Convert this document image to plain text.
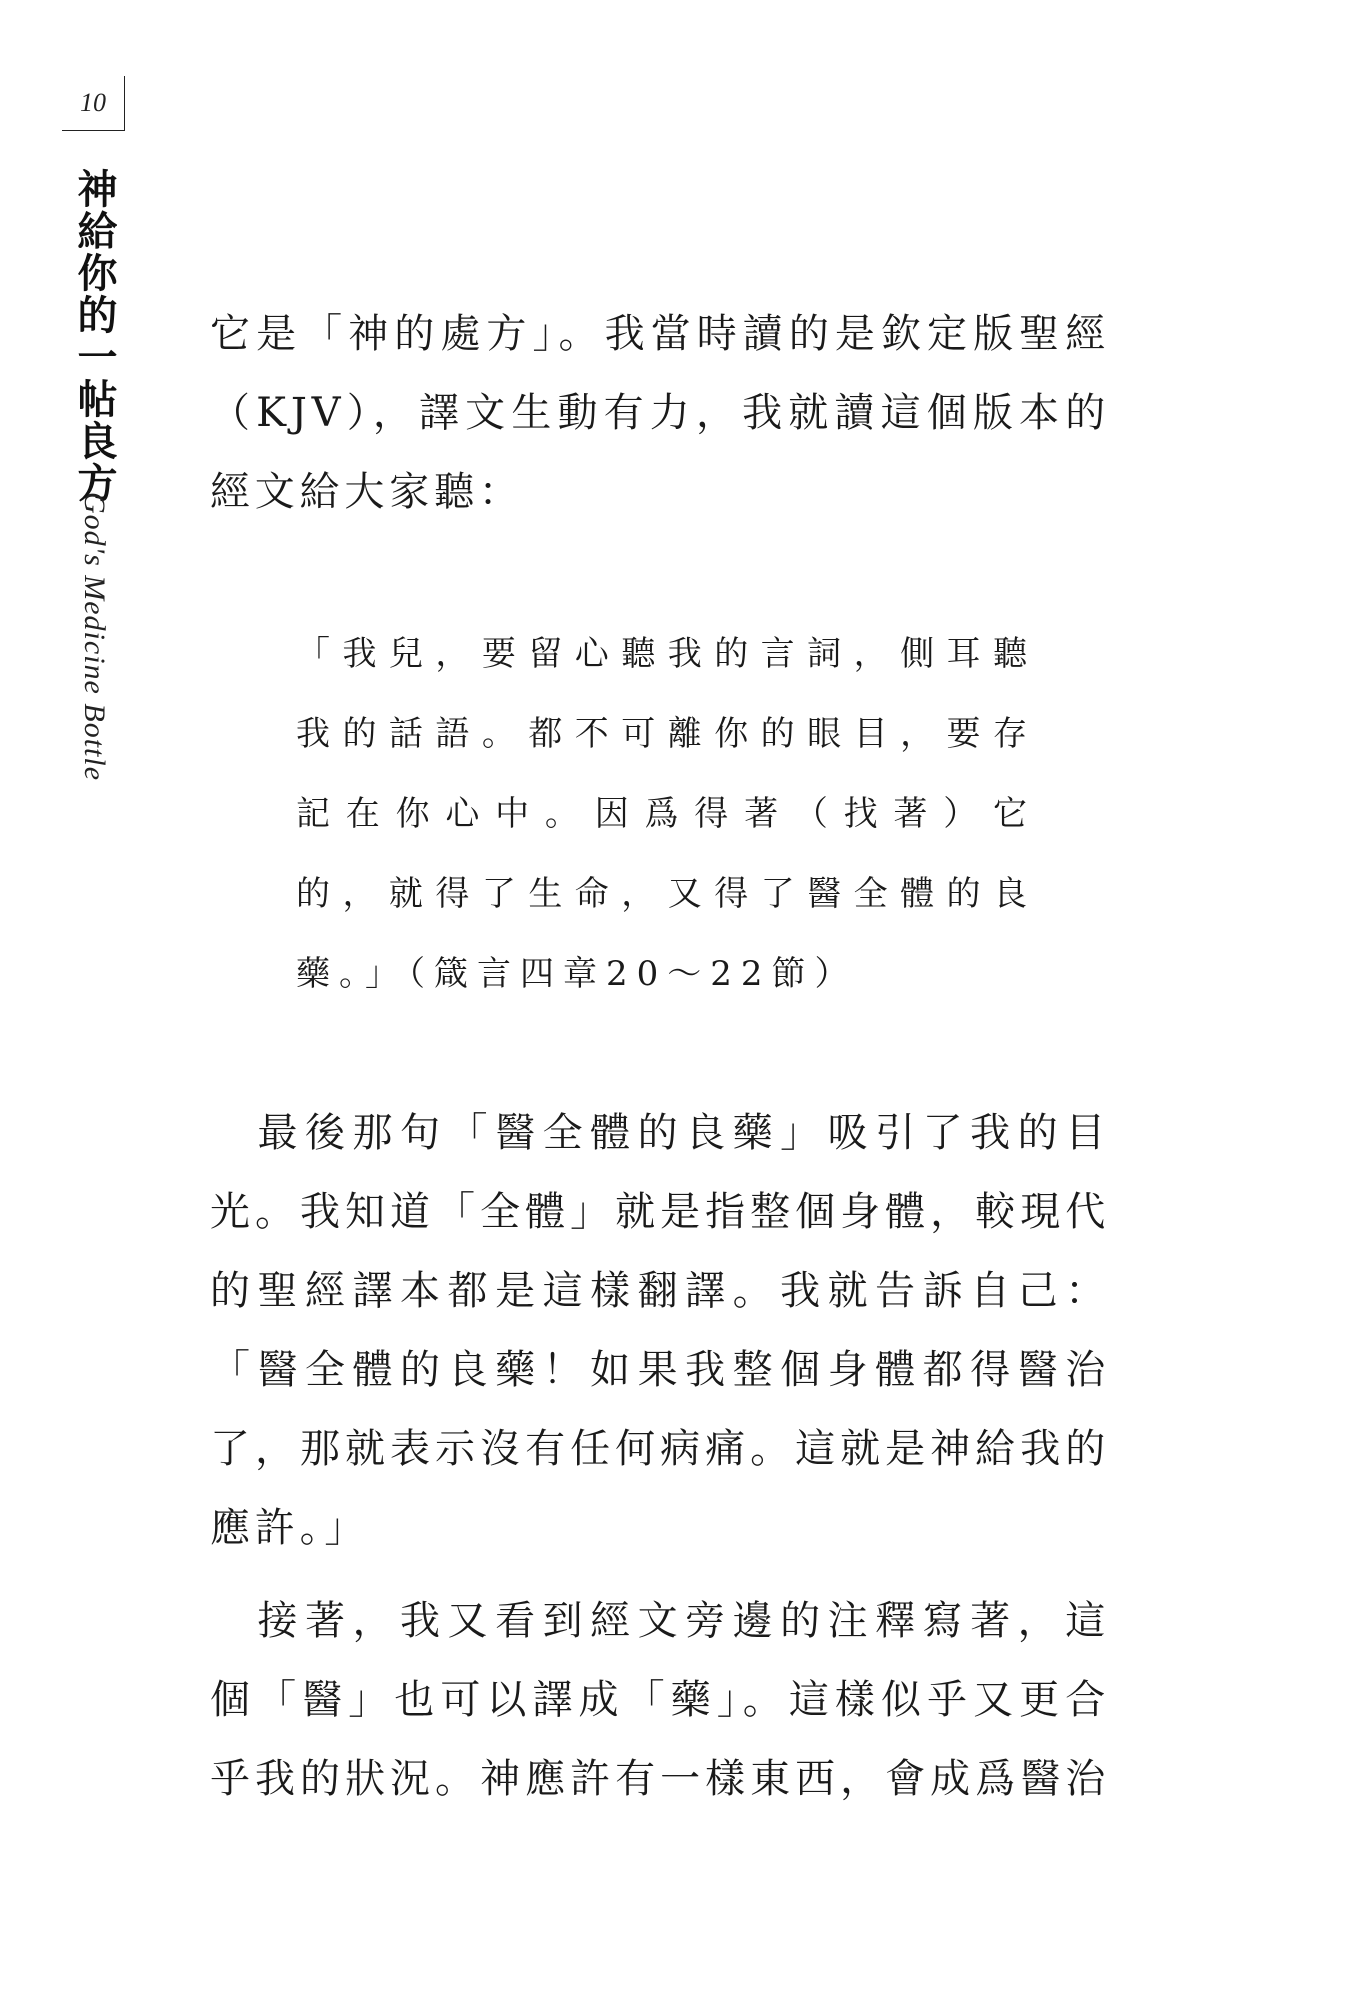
10
神給你的一帖良方
God's Medicine Bottle
它是「神的處方」。我當時讀的是欽定版聖經
（KJV），譯文生動有力，我就讀這個版本的
經文給大家聽：
「我兒，要留心聽我的言詞，側耳聽
我的話語。都不可離你的眼目，要存
記在你心中。因爲得著（找著）它
的，就得了生命，又得了醫全體的良
藥。」（箴言四章20～22節）
　最後那句「醫全體的良藥」吸引了我的目
光。我知道「全體」就是指整個身體，較現代
的聖經譯本都是這樣翻譯。我就告訴自己：
「醫全體的良藥！如果我整個身體都得醫治
了，那就表示沒有任何病痛。這就是神給我的
應許。」
　接著，我又看到經文旁邊的注釋寫著，這
個「醫」也可以譯成「藥」。這樣似乎又更合
乎我的狀況。神應許有一樣東西，會成爲醫治
